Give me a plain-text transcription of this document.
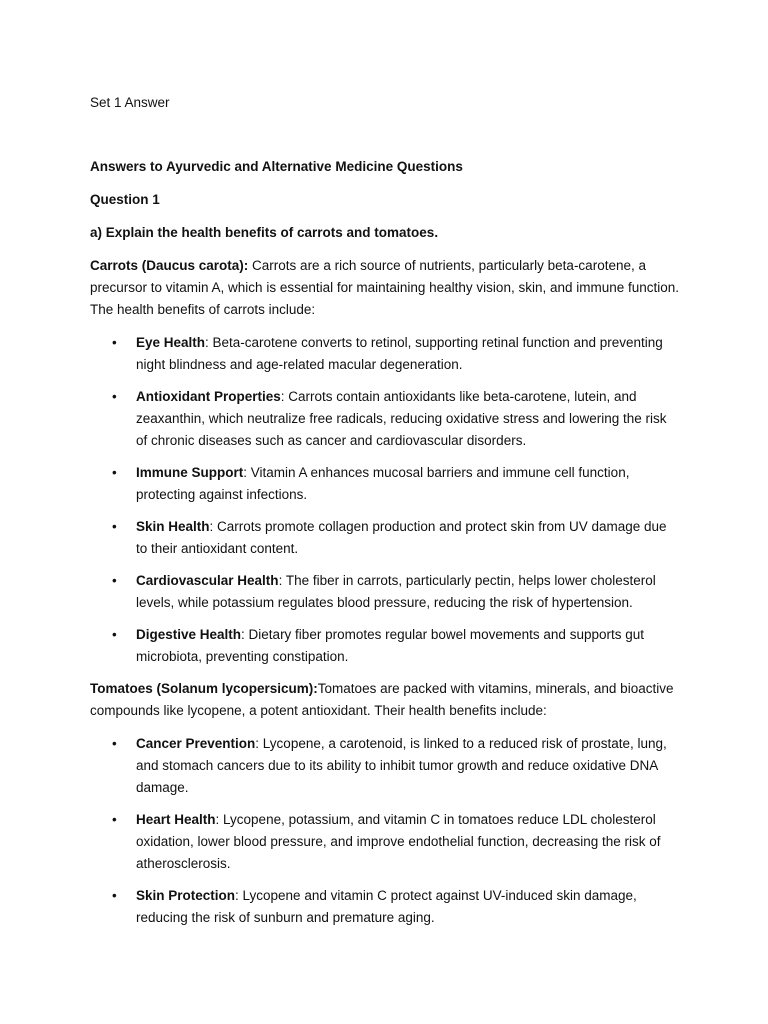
Set 1 Answer

Answers to Ayurvedic and Alternative Medicine Questions

Question 1

a) Explain the health benefits of carrots and tomatoes.

Carrots (Daucus carota): Carrots are a rich source of nutrients, particularly beta-carotene, a precursor to vitamin A, which is essential for maintaining healthy vision, skin, and immune function. The health benefits of carrots include:

• Eye Health: Beta-carotene converts to retinol, supporting retinal function and preventing night blindness and age-related macular degeneration.
• Antioxidant Properties: Carrots contain antioxidants like beta-carotene, lutein, and zeaxanthin, which neutralize free radicals, reducing oxidative stress and lowering the risk of chronic diseases such as cancer and cardiovascular disorders.
• Immune Support: Vitamin A enhances mucosal barriers and immune cell function, protecting against infections.
• Skin Health: Carrots promote collagen production and protect skin from UV damage due to their antioxidant content.
• Cardiovascular Health: The fiber in carrots, particularly pectin, helps lower cholesterol levels, while potassium regulates blood pressure, reducing the risk of hypertension.
• Digestive Health: Dietary fiber promotes regular bowel movements and supports gut microbiota, preventing constipation.

Tomatoes (Solanum lycopersicum):Tomatoes are packed with vitamins, minerals, and bioactive compounds like lycopene, a potent antioxidant. Their health benefits include:

• Cancer Prevention: Lycopene, a carotenoid, is linked to a reduced risk of prostate, lung, and stomach cancers due to its ability to inhibit tumor growth and reduce oxidative DNA damage.
• Heart Health: Lycopene, potassium, and vitamin C in tomatoes reduce LDL cholesterol oxidation, lower blood pressure, and improve endothelial function, decreasing the risk of atherosclerosis.
• Skin Protection: Lycopene and vitamin C protect against UV-induced skin damage, reducing the risk of sunburn and premature aging.
